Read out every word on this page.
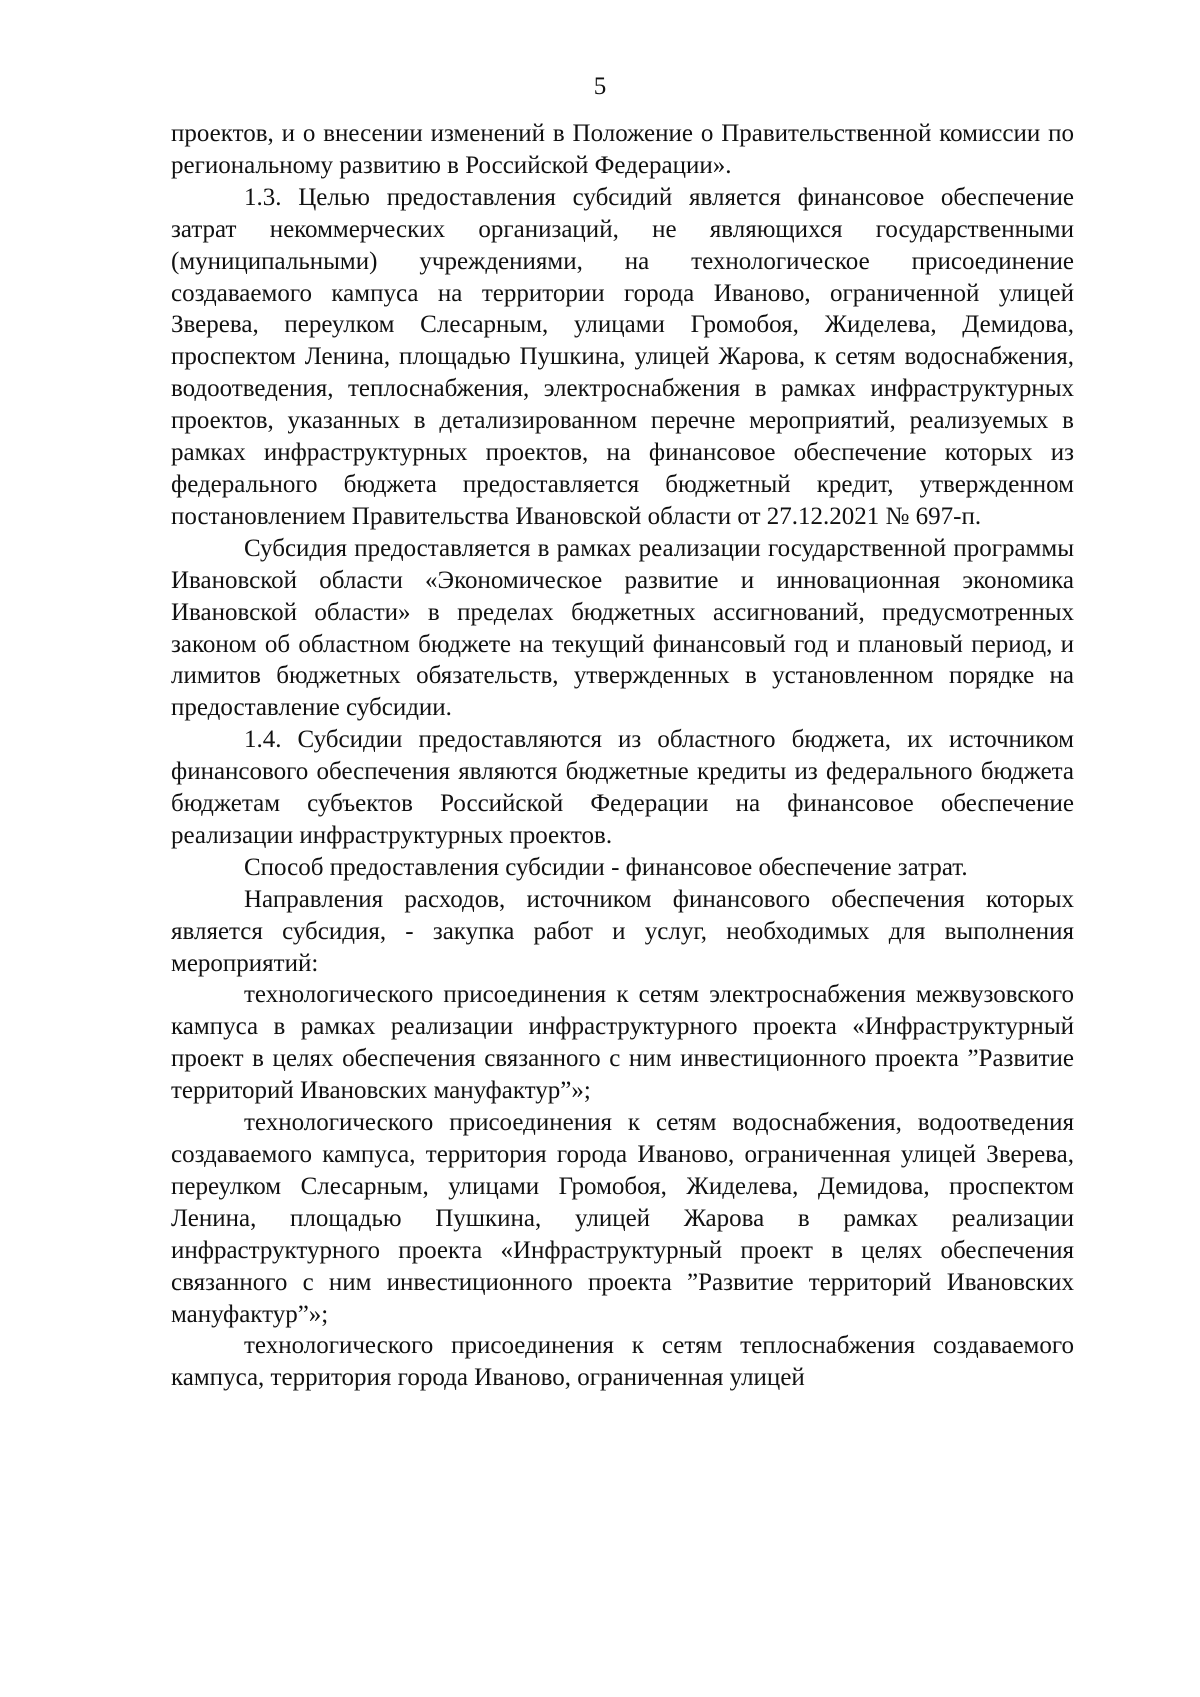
5

проектов, и о внесении изменений в Положение о Правительственной комиссии по региональному развитию в Российской Федерации».

1.3. Целью предоставления субсидий является финансовое обеспечение затрат некоммерческих организаций, не являющихся государственными (муниципальными) учреждениями, на технологическое присоединение создаваемого кампуса на территории города Иваново, ограниченной улицей Зверева, переулком Слесарным, улицами Громобоя, Жиделева, Демидова, проспектом Ленина, площадью Пушкина, улицей Жарова, к сетям водоснабжения, водоотведения, теплоснабжения, электроснабжения в рамках инфраструктурных проектов, указанных в детализированном перечне мероприятий, реализуемых в рамках инфраструктурных проектов, на финансовое обеспечение которых из федерального бюджета предоставляется бюджетный кредит, утвержденном постановлением Правительства Ивановской области от 27.12.2021 № 697-п.

Субсидия предоставляется в рамках реализации государственной программы Ивановской области «Экономическое развитие и инновационная экономика Ивановской области» в пределах бюджетных ассигнований, предусмотренных законом об областном бюджете на текущий финансовый год и плановый период, и лимитов бюджетных обязательств, утвержденных в установленном порядке на предоставление субсидии.

1.4. Субсидии предоставляются из областного бюджета, их источником финансового обеспечения являются бюджетные кредиты из федерального бюджета бюджетам субъектов Российской Федерации на финансовое обеспечение реализации инфраструктурных проектов.

Способ предоставления субсидии - финансовое обеспечение затрат.

Направления расходов, источником финансового обеспечения которых является субсидия, - закупка работ и услуг, необходимых для выполнения мероприятий:

технологического присоединения к сетям электроснабжения межвузовского кампуса в рамках реализации инфраструктурного проекта «Инфраструктурный проект в целях обеспечения связанного с ним инвестиционного проекта ”Развитие территорий Ивановских мануфактур”»;

технологического присоединения к сетям водоснабжения, водоотведения создаваемого кампуса, территория города Иваново, ограниченная улицей Зверева, переулком Слесарным, улицами Громобоя, Жиделева, Демидова, проспектом Ленина, площадью Пушкина, улицей Жарова в рамках реализации инфраструктурного проекта «Инфраструктурный проект в целях обеспечения связанного с ним инвестиционного проекта ”Развитие территорий Ивановских мануфактур”»;

технологического присоединения к сетям теплоснабжения создаваемого кампуса, территория города Иваново, ограниченная улицей
